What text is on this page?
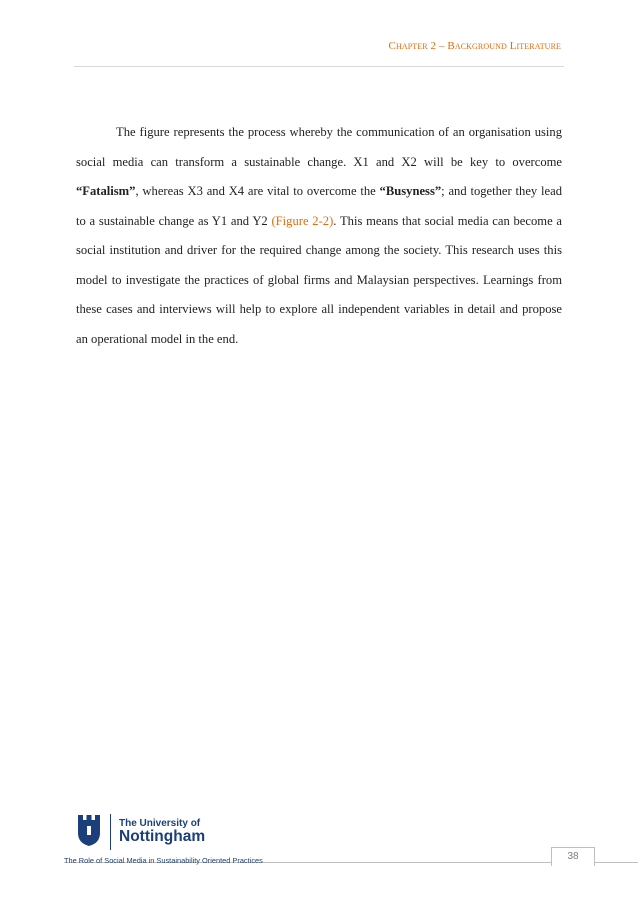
Chapter 2 – Background Literature

The figure represents the process whereby the communication of an organisation using social media can transform a sustainable change. X1 and X2 will be key to overcome “Fatalism”, whereas X3 and X4 are vital to overcome the “Busyness”; and together they lead to a sustainable change as Y1 and Y2 (Figure 2-2). This means that social media can become a social institution and driver for the required change among the society. This research uses this model to investigate the practices of global firms and Malaysian perspectives. Learnings from these cases and interviews will help to explore all independent variables in detail and propose an operational model in the end.

The University of
Nottingham
The Role of Social Media in Sustainability Oriented Practices	38
